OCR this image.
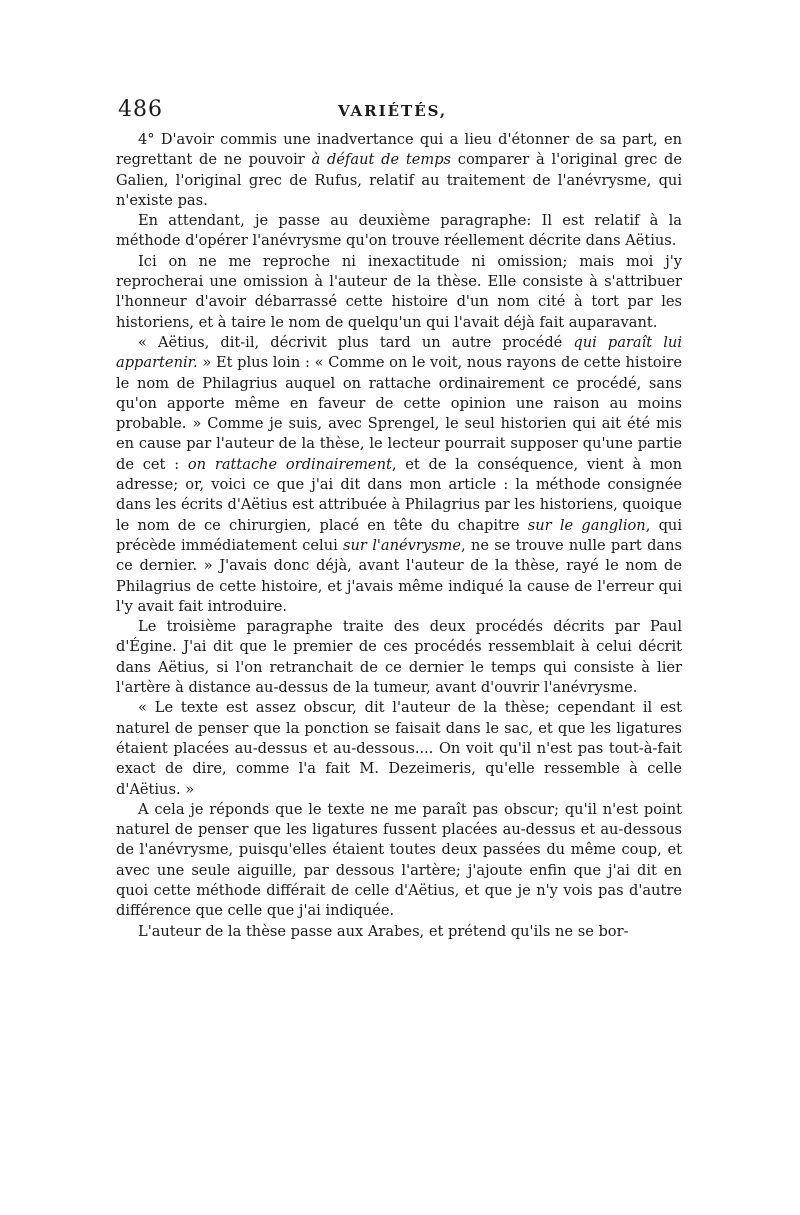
486	VARIÉTÉS,

4° D'avoir commis une inadvertance qui a lieu d'étonner de sa part, en regrettant de ne pouvoir à défaut de temps comparer à l'original grec de Galien, l'original grec de Rufus, relatif au traitement de l'anévrysme, qui n'existe pas.

En attendant, je passe au deuxième paragraphe: Il est relatif à la méthode d'opérer l'anévrysme qu'on trouve réellement décrite dans Aëtius.

Ici on ne me reproche ni inexactitude ni omission; mais moi j'y reprocherai une omission à l'auteur de la thèse. Elle consiste à s'attribuer l'honneur d'avoir débarrassé cette histoire d'un nom cité à tort par les historiens, et à taire le nom de quelqu'un qui l'avait déjà fait auparavant.

« Aëtius, dit-il, décrivit plus tard un autre procédé qui paraît lui appartenir. » Et plus loin : « Comme on le voit, nous rayons de cette histoire le nom de Philagrius auquel on rattache ordinairement ce procédé, sans qu'on apporte même en faveur de cette opinion une raison au moins probable. » Comme je suis, avec Sprengel, le seul historien qui ait été mis en cause par l'auteur de la thèse, le lecteur pourrait supposer qu'une partie de cet : on rattache ordinairement, et de la conséquence, vient à mon adresse; or, voici ce que j'ai dit dans mon article : la méthode consignée dans les écrits d'Aëtius est attribuée à Philagrius par les historiens, quoique le nom de ce chirurgien, placé en tête du chapitre sur le ganglion, qui précède immédiatement celui sur l'anévrysme, ne se trouve nulle part dans ce dernier. » J'avais donc déjà, avant l'auteur de la thèse, rayé le nom de Philagrius de cette histoire, et j'avais même indiqué la cause de l'erreur qui l'y avait fait introduire.

Le troisième paragraphe traite des deux procédés décrits par Paul d'Égine. J'ai dit que le premier de ces procédés ressemblait à celui décrit dans Aëtius, si l'on retranchait de ce dernier le temps qui consiste à lier l'artère à distance au-dessus de la tumeur, avant d'ouvrir l'anévrysme.

« Le texte est assez obscur, dit l'auteur de la thèse; cependant il est naturel de penser que la ponction se faisait dans le sac, et que les ligatures étaient placées au-dessus et au-dessous.... On voit qu'il n'est pas tout-à-fait exact de dire, comme l'a fait M. Dezeimeris, qu'elle ressemble à celle d'Aëtius. »

A cela je réponds que le texte ne me paraît pas obscur; qu'il n'est point naturel de penser que les ligatures fussent placées au-dessus et au-dessous de l'anévrysme, puisqu'elles étaient toutes deux passées du même coup, et avec une seule aiguille, par dessous l'artère; j'ajoute enfin que j'ai dit en quoi cette méthode différait de celle d'Aëtius, et que je n'y vois pas d'autre différence que celle que j'ai indiquée.

L'auteur de la thèse passe aux Arabes, et prétend qu'ils ne se bor-
